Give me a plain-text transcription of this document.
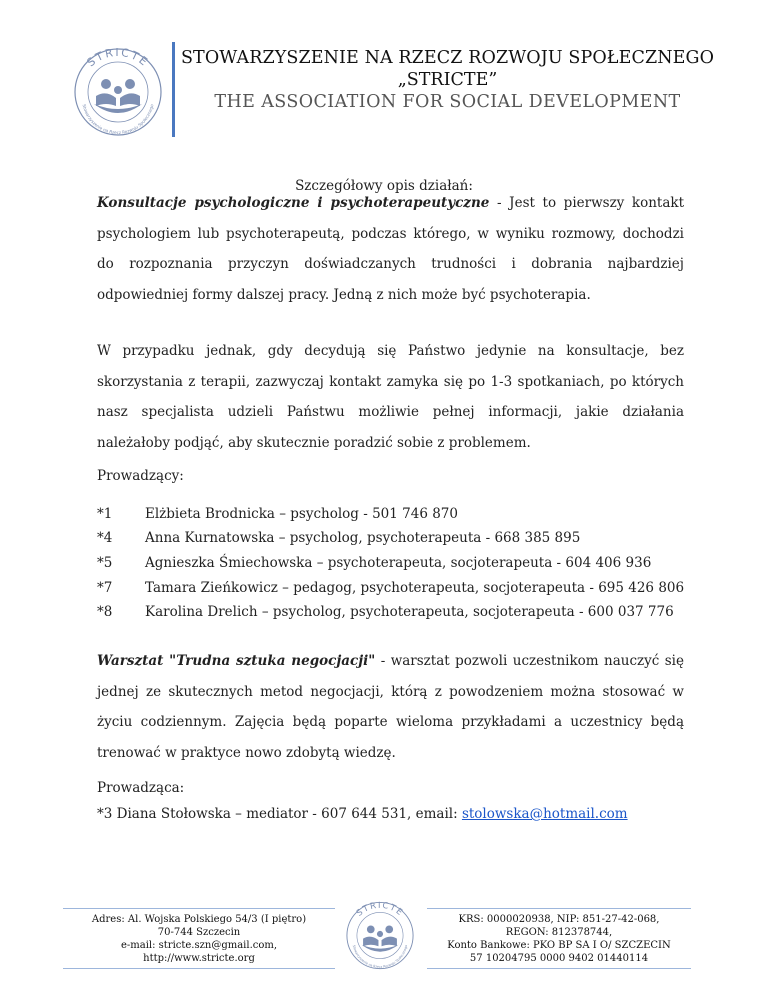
STRICTE
Stowarzyszenie na Rzecz Rozwoju Społecznego
STOWARZYSZENIE NA RZECZ ROZWOJU SPOŁECZNEGO
„STRICTE”
THE ASSOCIATION FOR SOCIAL DEVELOPMENT
Szczegółowy opis działań:

Konsultacje psychologiczne i psychoterapeutyczne - Jest to pierwszy kontakt psychologiem lub psychoterapeutą, podczas którego, w wyniku rozmowy, dochodzi do rozpoznania przyczyn doświadczanych trudności i dobrania najbardziej odpowiedniej formy dalszej pracy. Jedną z nich może być psychoterapia.

W przypadku jednak, gdy decydują się Państwo jedynie na konsultacje, bez skorzystania z terapii, zazwyczaj kontakt zamyka się po 1-3 spotkaniach, po których nasz specjalista udzieli Państwu możliwie pełnej informacji, jakie działania należałoby podjąć, aby skutecznie poradzić sobie z problemem.

Prowadzący:
*1 Elżbieta Brodnicka – psycholog - 501 746 870
*4 Anna Kurnatowska – psycholog, psychoterapeuta - 668 385 895
*5 Agnieszka Śmiechowska – psychoterapeuta, socjoterapeuta - 604 406 936
*7 Tamara Zieńkowicz – pedagog, psychoterapeuta, socjoterapeuta - 695 426 806
*8 Karolina Drelich – psycholog, psychoterapeuta, socjoterapeuta - 600 037 776

Warsztat "Trudna sztuka negocjacji" - warsztat pozwoli uczestnikom nauczyć się jednej ze skutecznych metod negocjacji, którą z powodzeniem można stosować w życiu codziennym. Zajęcia będą poparte wieloma przykładami a uczestnicy będą trenować w praktyce nowo zdobytą wiedzę.

Prowadząca:
*3 Diana Stołowska – mediator - 607 644 531, email: stolowska@hotmail.com
Adres: Al. Wojska Polskiego 54/3 (I piętro)
70-744 Szczecin
e-mail: stricte.szn@gmail.com,
http://www.stricte.org
STRICTE
Stowarzyszenie na Rzecz Rozwoju Społecznego
KRS: 0000020938, NIP: 851-27-42-068,
REGON: 812378744,
Konto Bankowe: PKO BP SA I O/ SZCZECIN
57 10204795 0000 9402 01440114
